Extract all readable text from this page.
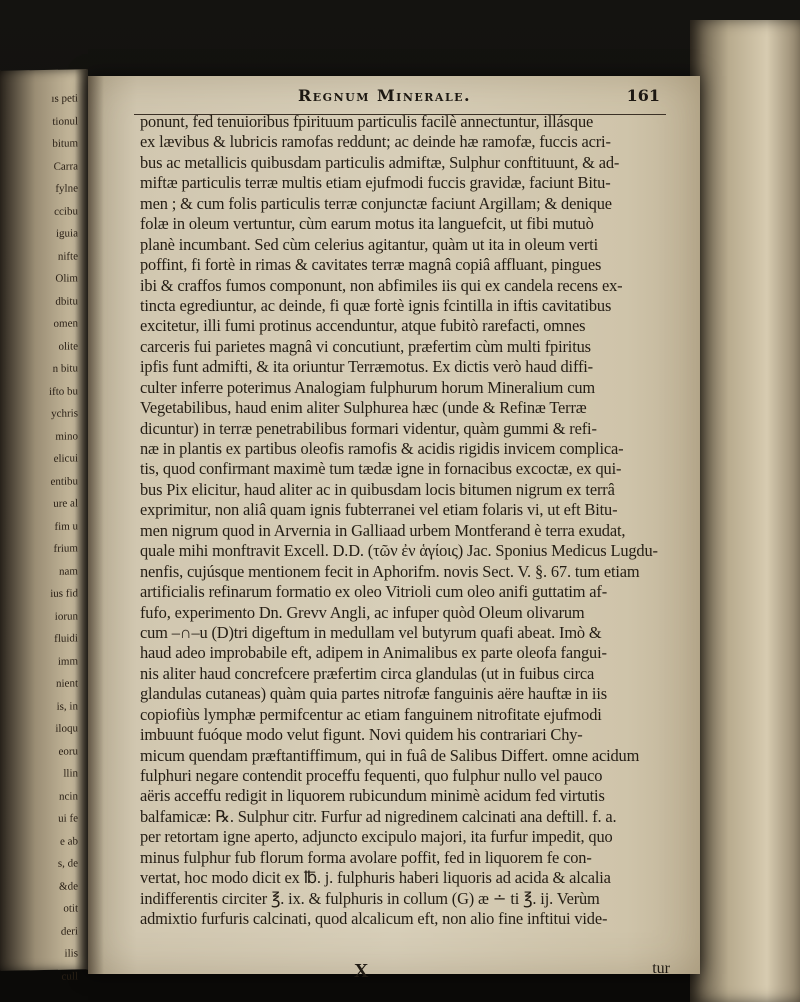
ıs peti
tionul
bitum
Carra
fylne
ccibu
iguia
nifte
Olim
dbitu
omen
olite
n bitu
ifto bu
ychris
mino
elicui
entibu
ure al
fim u
frium
nam
ius fid
iorun
fluidi
imm
nient
is, in
iloqu
eoru
llin
ncin
ui fe
e ab
s, de
&de
otit
deri
ilis
cull
Regnum Minerale.	161
ponunt, fed tenuioribus fpirituum particulis facilè annectuntur, illásque
ex lævibus & lubricis ramofas reddunt; ac deinde hæ ramofæ, fuccis acri-
bus ac metallicis quibusdam particulis admiftæ, Sulphur conftituunt, & ad-
miftæ particulis terræ multis etiam ejufmodi fuccis gravidæ, faciunt Bitu-
men ; & cum folis particulis terræ conjunctæ faciunt Argillam; & denique
folæ in oleum vertuntur, cùm earum motus ita languefcit, ut fibi mutuò
planè incumbant. Sed cùm celerius agitantur, quàm ut ita in oleum verti
poffint, fi fortè in rimas & cavitates terræ magnâ copiâ affluant, pingues
ibi & craffos fumos componunt, non abfimiles iis qui ex candela recens ex-
tincta egrediuntur, ac deinde, fi quæ fortè ignis fcintilla in iftis cavitatibus
excitetur, illi fumi protinus accenduntur, atque fubitò rarefacti, omnes
carceris fui parietes magnâ vi concutiunt, præfertim cùm multi fpiritus
ipfis funt admifti, & ita oriuntur Terræmotus. Ex dictis verò haud diffi-
culter inferre poterimus Analogiam fulphurum horum Mineralium cum
Vegetabilibus, haud enim aliter Sulphurea hæc (unde & Refinæ Terræ
dicuntur) in terræ penetrabilibus formari videntur, quàm gummi & refi-
næ in plantis ex partibus oleofis ramofis & acidis rigidis invicem complica-
tis, quod confirmant maximè tum tædæ igne in fornacibus excoctæ, ex qui-
bus Pix elicitur, haud aliter ac in quibusdam locis bitumen nigrum ex terrâ
exprimitur, non aliâ quam ignis fubterranei vel etiam folaris vi, ut eft Bitu-
men nigrum quod in Arvernia in Galliaad urbem Montferand è terra exudat,
quale mihi monftravit Excell. D.D. (τῶν ἐν ἁγίοις) Jac. Sponius Medicus Lugdu-
nenfis, cujúsque mentionem fecit in Aphorifm. novis Sect. V. §. 67. tum etiam
artificialis refinarum formatio ex oleo Vitrioli cum oleo anifi guttatim af-
fufo, experimento Dn. Grevv Angli, ac infuper quòd Oleum olivarum
cum –∩–u (D)tri digeftum in medullam vel butyrum quafi abeat. Imò &
haud adeo improbabile eft, adipem in Animalibus ex parte oleofa fangui-
nis aliter haud concrefcere præfertim circa glandulas (ut in fuibus circa
glandulas cutaneas) quàm quia partes nitrofæ fanguinis aëre hauftæ in iis
copiofiùs lymphæ permifcentur ac etiam fanguinem nitrofitate ejufmodi
imbuunt fuóque modo velut figunt. Novi quidem his contrariari Chy-
micum quendam præftantiffimum, qui in fuâ de Salibus Differt. omne acidum
fulphuri negare contendit proceffu fequenti, quo fulphur nullo vel pauco
aëris acceffu redigit in liquorem rubicundum minimè acidum fed virtutis
balfamicæ: ℞. Sulphur citr. Furfur ad nigredinem calcinati ana deftill. f. a.
per retortam igne aperto, adjuncto excipulo majori, ita furfur impedit, quo
minus fulphur fub florum forma avolare poffit, fed in liquorem fe con-
vertat, hoc modo dicit ex ℔. j. fulphuris haberi liquoris ad acida & alcalia
indifferentis circiter ℥. ix. & fulphuris in collum (G) æ ∸ ti ℥. ij. Verùm
admixtio furfuris calcinati, quod alcalicum eft, non alio fine inftitui vide-
X	tur
